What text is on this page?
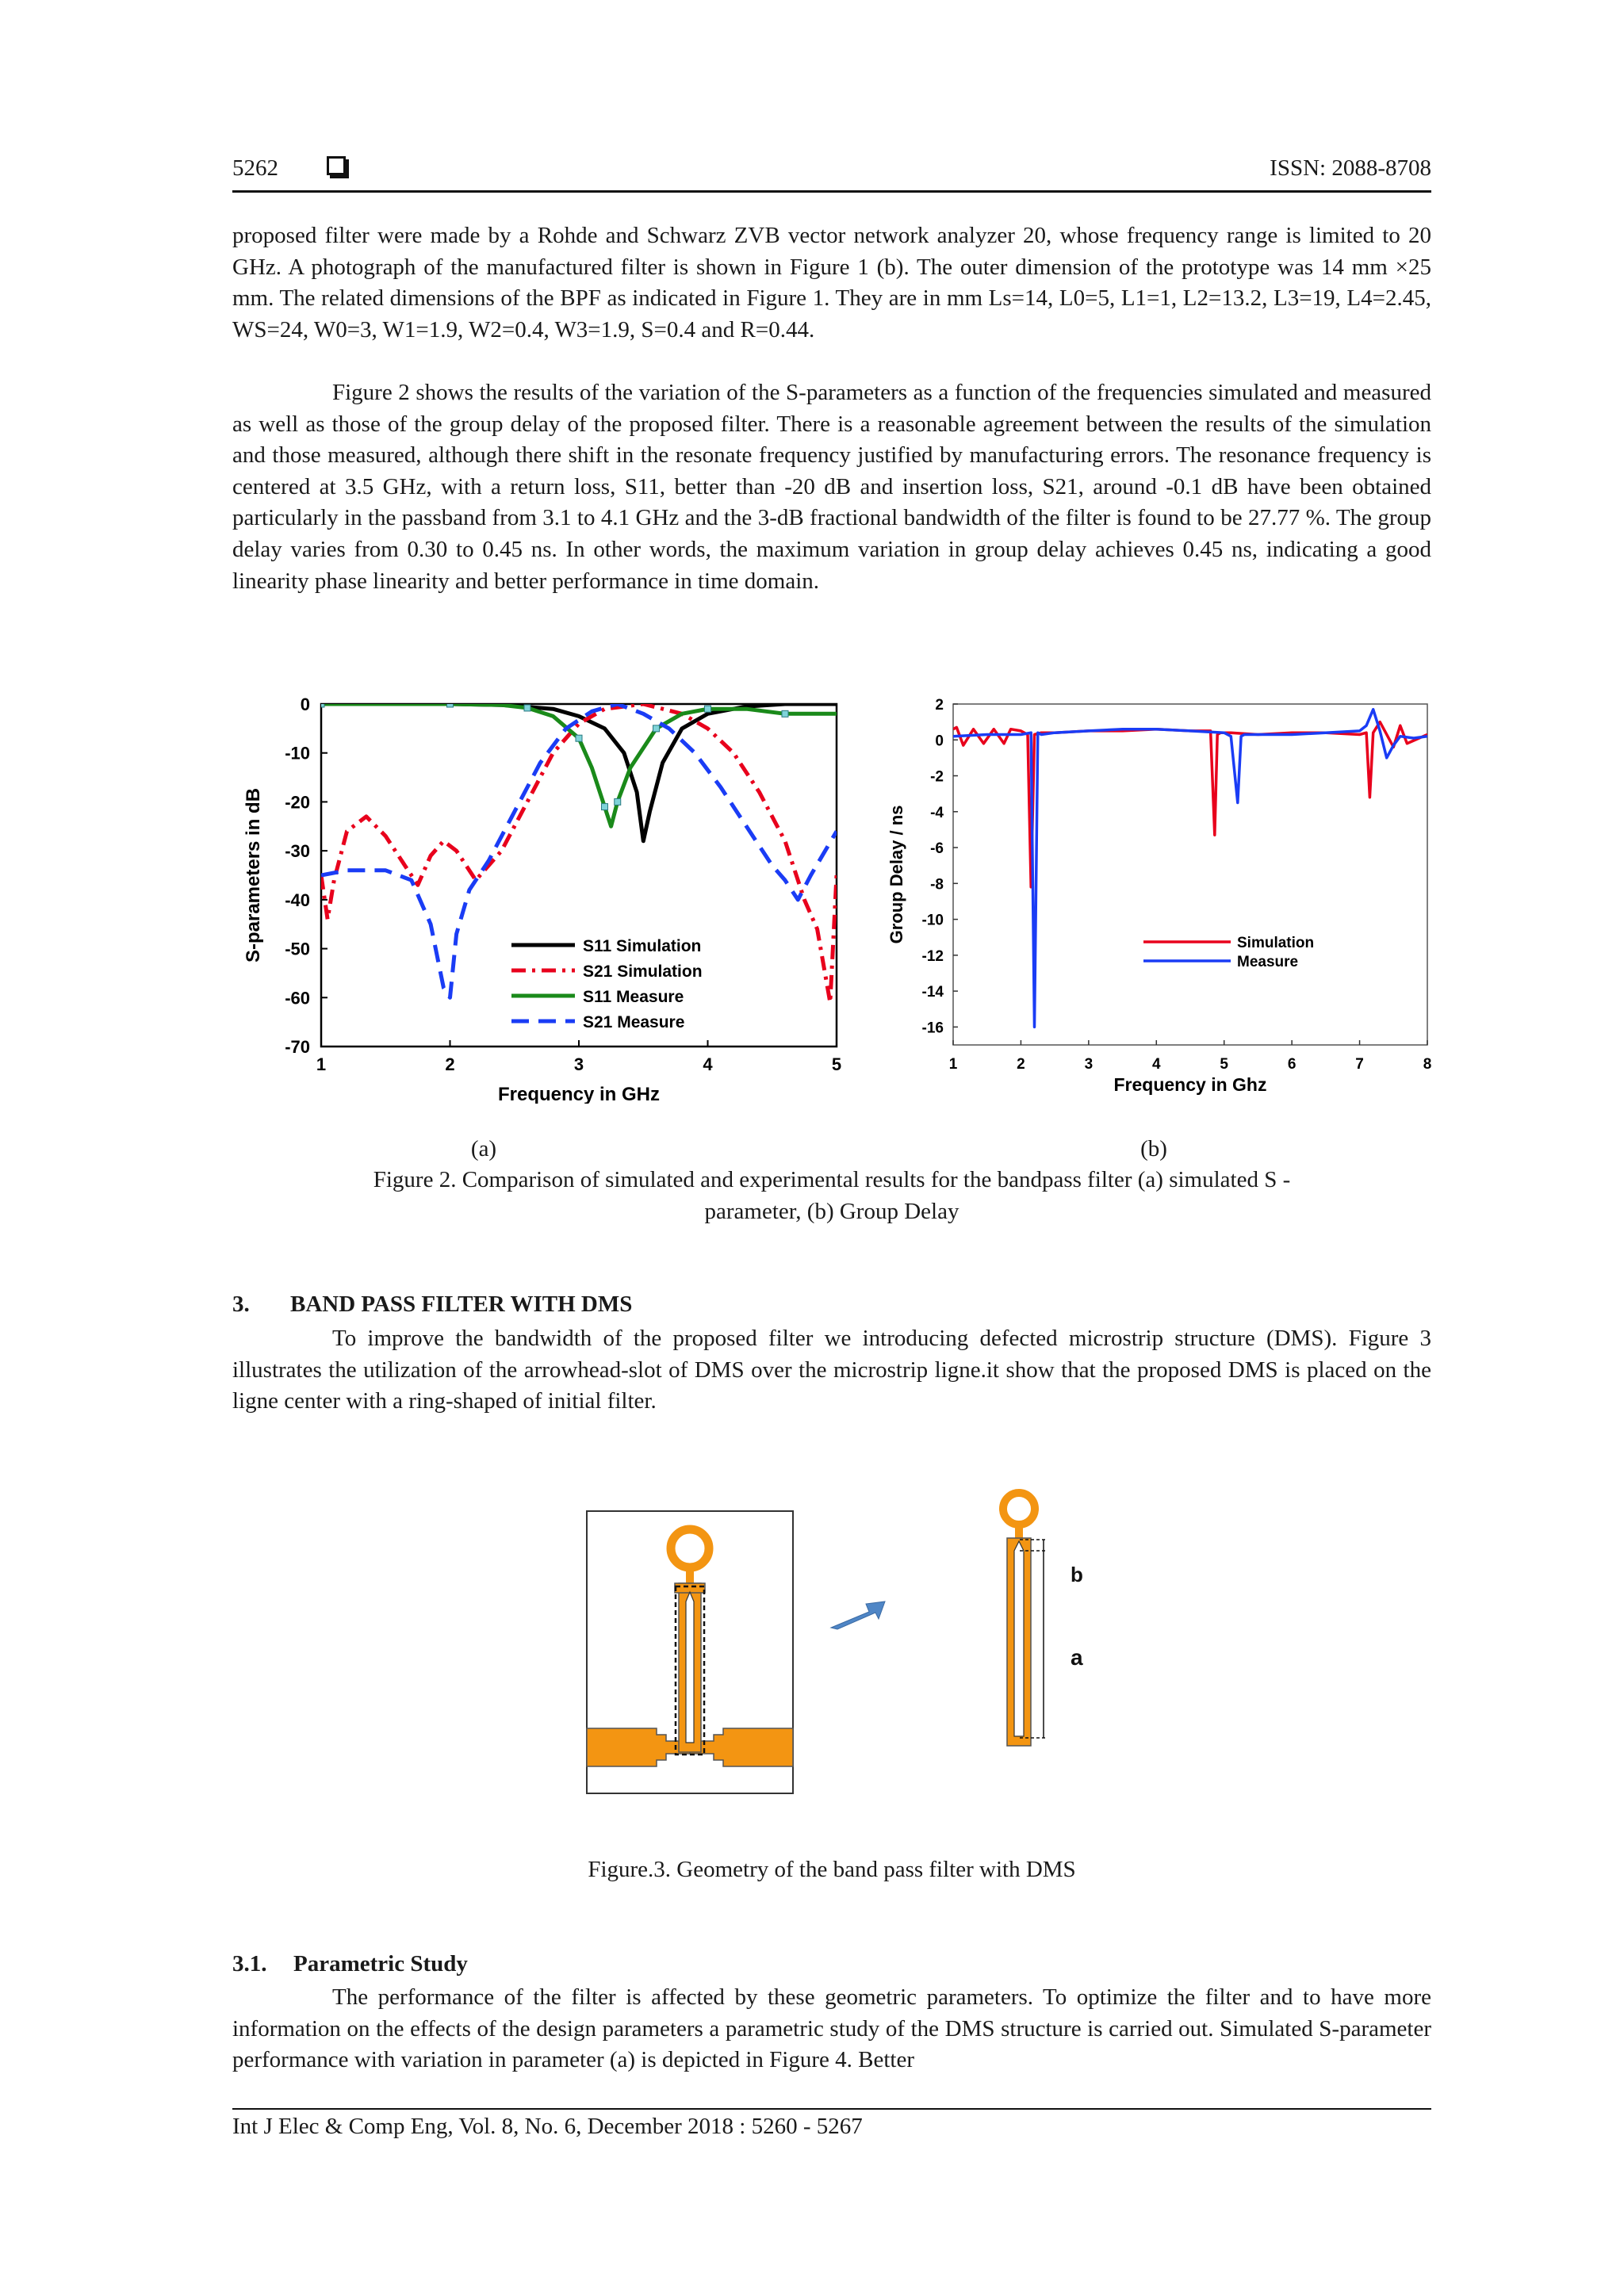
5262	ISSN: 2088-8708

proposed filter were made by a Rohde and Schwarz ZVB vector network analyzer 20, whose frequency range is limited to 20 GHz. A photograph of the manufactured filter is shown in Figure 1 (b). The outer dimension of the prototype was 14 mm ×25 mm. The related dimensions of the BPF as indicated in Figure 1. They are in mm Ls=14, L0=5, L1=1, L2=13.2, L3=19, L4=2.45, WS=24, W0=3, W1=1.9, W2=0.4, W3=1.9, S=0.4 and R=0.44.

Figure 2 shows the results of the variation of the S-parameters as a function of the frequencies simulated and measured as well as those of the group delay of the proposed filter. There is a reasonable agreement between the results of the simulation and those measured, although there shift in the resonate frequency justified by manufacturing errors. The resonance frequency is centered at 3.5 GHz, with a return loss, S11, better than -20 dB and insertion loss, S21, around -0.1 dB have been obtained particularly in the passband from 3.1 to 4.1 GHz and the 3-dB fractional bandwidth of the filter is found to be 27.77 %. The group delay varies from 0.30 to 0.45 ns. In other words, the maximum variation in group delay achieves 0.45 ns, indicating a good linearity phase linearity and better performance in time domain.

0
-10
-20
-30
-40
-50
-60
-70
1	2	3	4	5
Frequency in GHz
S-parameters in dB	S11 Simulation
S21 Simulation
S11 Measure
S21 Measure
2
0
-2
-4
-6
-8
-10
-12
-14
-16
1	2	3	4	5	6	7	8
Frequency in Ghz
Group Delay / ns	Simulation
Measure
(a)	(b)
Figure 2. Comparison of simulated and experimental results for the bandpass filter (a) simulated S -
parameter, (b) Group Delay
3. BAND PASS FILTER WITH DMS

To improve the bandwidth of the proposed filter we introducing defected microstrip structure (DMS). Figure 3 illustrates the utilization of the arrowhead-slot of DMS over the microstrip ligne.it show that the proposed DMS is placed on the ligne center with a ring-shaped of initial filter.

b
a
Figure.3. Geometry of the band pass filter with DMS
3.1. Parametric Study

The performance of the filter is affected by these geometric parameters. To optimize the filter and to have more information on the effects of the design parameters a parametric study of the DMS structure is carried out. Simulated S-parameter performance with variation in parameter (a) is depicted in Figure 4. Better

Int J Elec & Comp Eng, Vol. 8, No. 6, December 2018 : 5260 - 5267
